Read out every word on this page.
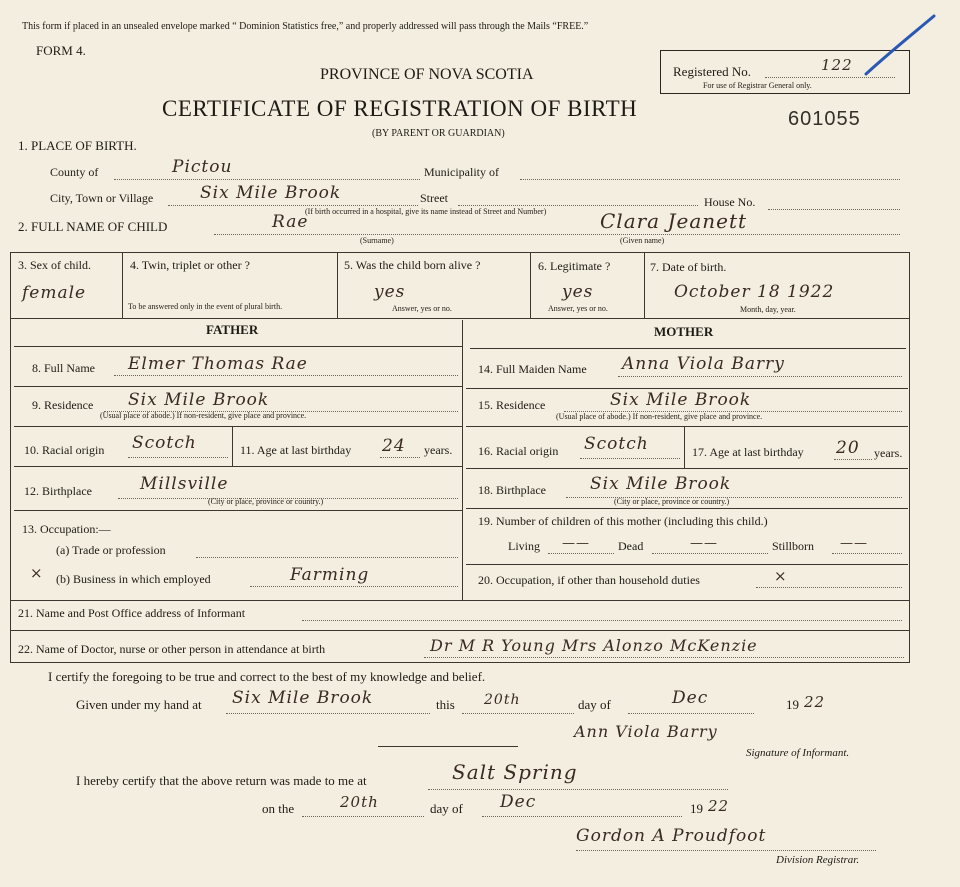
This form if placed in an unsealed envelope marked “ Dominion Statistics free,” and properly addressed will pass through the Mails “FREE.”
FORM 4.
PROVINCE OF NOVA SCOTIA
CERTIFICATE OF REGISTRATION OF BIRTH
(BY PARENT OR GUARDIAN)
Registered No.
For use of Registrar General only.
122
601055
1. PLACE OF BIRTH.
County of	Pictou	Municipality of
City, Town or Village	Six Mile Brook	Street	House No.
(If birth occurred in a hospital, give its name instead of Street and Number)
2. FULL NAME OF CHILD	Rae	Clara Jeanett
(Surname)	(Given name)
3. Sex of child.
female
4. Twin, triplet or other ?
To be answered only in the event of plural birth.
5. Was the child born alive ?
yes
Answer, yes or no.
6. Legitimate ?
yes
Answer, yes or no.
7. Date of birth.
October 18 1922
Month, day, year.
FATHER	MOTHER
8. Full Name Elmer Thomas Rae
9. Residence Six Mile Brook
(Usual place of abode.) If non-resident, give place and province.
10. Racial origin Scotch	11. Age at last birthday 24 years.
12. Birthplace	Millsville
(City or place, province or country.)
13. Occupation:—
(a) Trade or profession
× (b) Business in which employed	Farming
14. Full Maiden Name Anna Viola Barry
15. Residence	Six Mile Brook
(Usual place of abode.) If non-resident, give place and province.
16. Racial origin Scotch	17. Age at last birthday 20 years.
18. Birthplace	Six Mile Brook
(City or place, province or country.)
19. Number of children of this mother (including this child.)
Living —— Dead	——	Stillborn ——
20. Occupation, if other than household duties	×
21. Name and Post Office address of Informant
22. Name of Doctor, nurse or other person in attendance at birth	Dr M R Young Mrs Alonzo McKenzie
I certify the foregoing to be true and correct to the best of my knowledge and belief.
Given under my hand at Six Mile Brook	this 20th	day of	Dec	19 22
Ann Viola Barry
Signature of Informant.
I hereby certify that the above return was made to me at	Salt Spring
on the	20th	day of Dec	19 22
Gordon A Proudfoot
Division Registrar.
